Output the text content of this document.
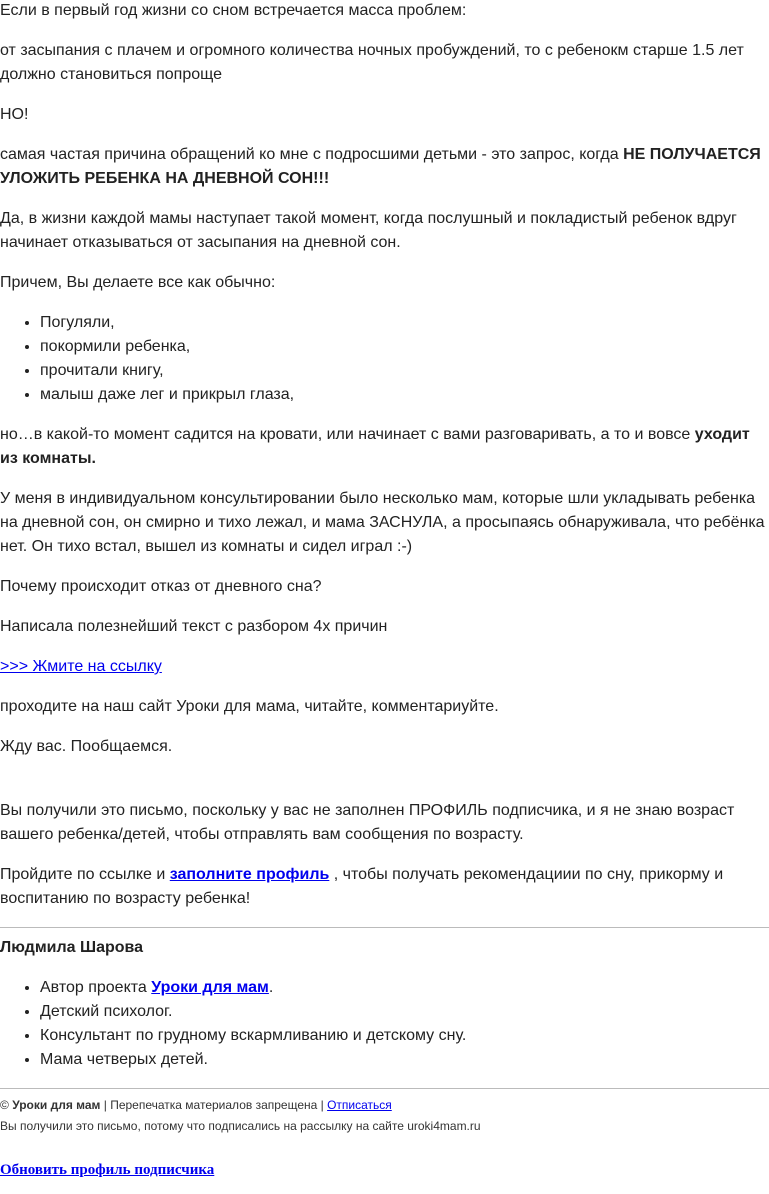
Если в первый год жизни со сном встречается масса проблем:

от засыпания с плачем и огромного количества ночных пробуждений, то с ребенокм старше 1.5 лет должно становиться попроще

НО!

самая частая причина обращений ко мне с подросшими детьми - это запрос, когда НЕ ПОЛУЧАЕТСЯ УЛОЖИТЬ РЕБЕНКА НА ДНЕВНОЙ СОН!!!

Да, в жизни каждой мамы наступает такой момент, когда послушный и покладистый ребенок вдруг начинает отказываться от засыпания на дневной сон.

Причем, Вы делаете все как обычно:

• Погуляли,
• покормили ребенка,
• прочитали книгу,
• малыш даже лег и прикрыл глаза,

но…в какой-то момент садится на кровати, или начинает с вами разговаривать, а то и вовсе уходит из комнаты.

У меня в индивидуальном консультировании было несколько мам, которые шли укладывать ребенка на дневной сон, он смирно и тихо лежал, и мама ЗАСНУЛА, а просыпаясь обнаруживала, что ребёнка нет. Он тихо встал, вышел из комнаты и сидел играл :-)

Почему происходит отказ от дневного сна?

Написала полезнейший текст с разбором 4х причин

>>> Жмите на ссылку

проходите на наш сайт Уроки для мама, читайте, комментариуйте.

Жду вас. Пообщаемся.

Вы получили это письмо, поскольку у вас не заполнен ПРОФИЛЬ подписчика, и я не знаю возраст вашего ребенка/детей, чтобы отправлять вам сообщения по возрасту.

Пройдите по ссылке и заполните профиль , чтобы получать рекомендациии по сну, прикорму и воспитанию по возрасту ребенка!

Людмила Шарова
• Автор проекта Уроки для мам.
• Детский психолог.
• Консультант по грудному вскармливанию и детскому сну.
• Мама четверых детей.

© Уроки для мам | Перепечатка материалов запрещена | Отписаться

Вы получили это письмо, потому что подписались на рассылку на сайте uroki4mam.ru

Обновить профиль подписчика
